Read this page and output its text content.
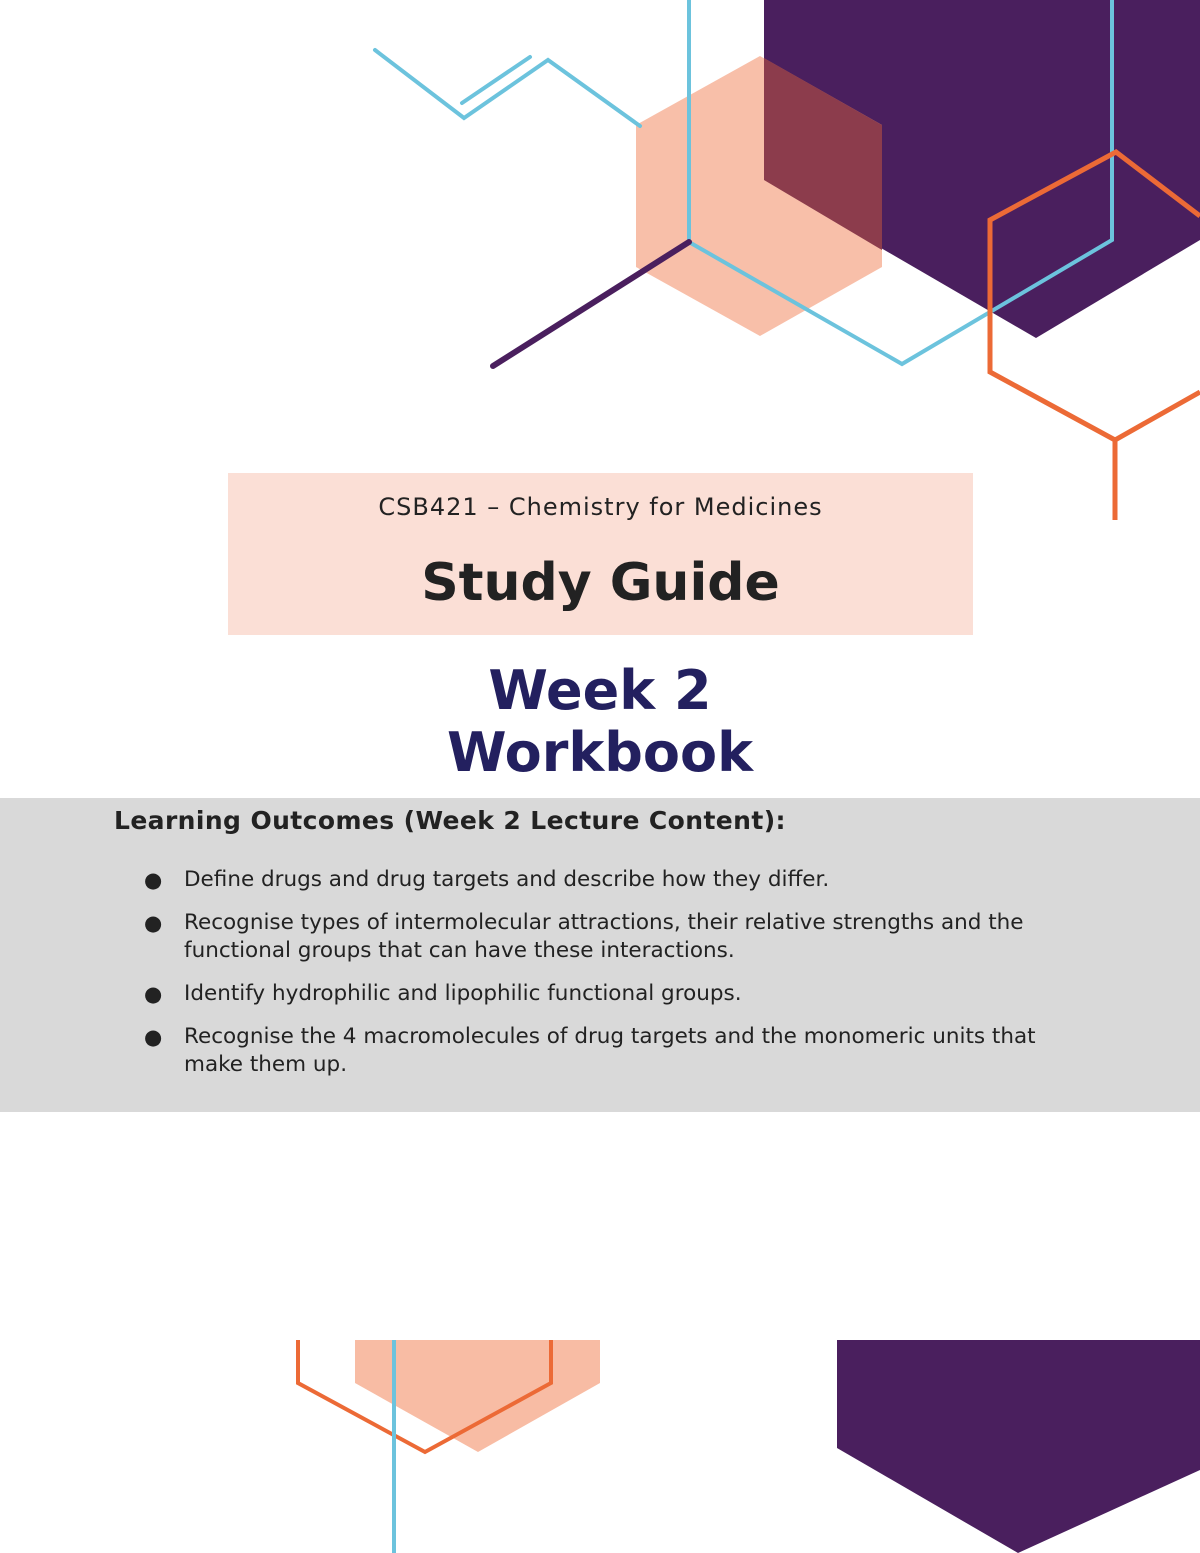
CSB421 – Chemistry for Medicines
Study Guide
Week 2
Workbook
Learning Outcomes (Week 2 Lecture Content):
● Define drugs and drug targets and describe how they differ.
● Recognise types of intermolecular attractions, their relative strengths and the functional groups that can have these interactions.
● Identify hydrophilic and lipophilic functional groups.
● Recognise the 4 macromolecules of drug targets and the monomeric units that make them up.
